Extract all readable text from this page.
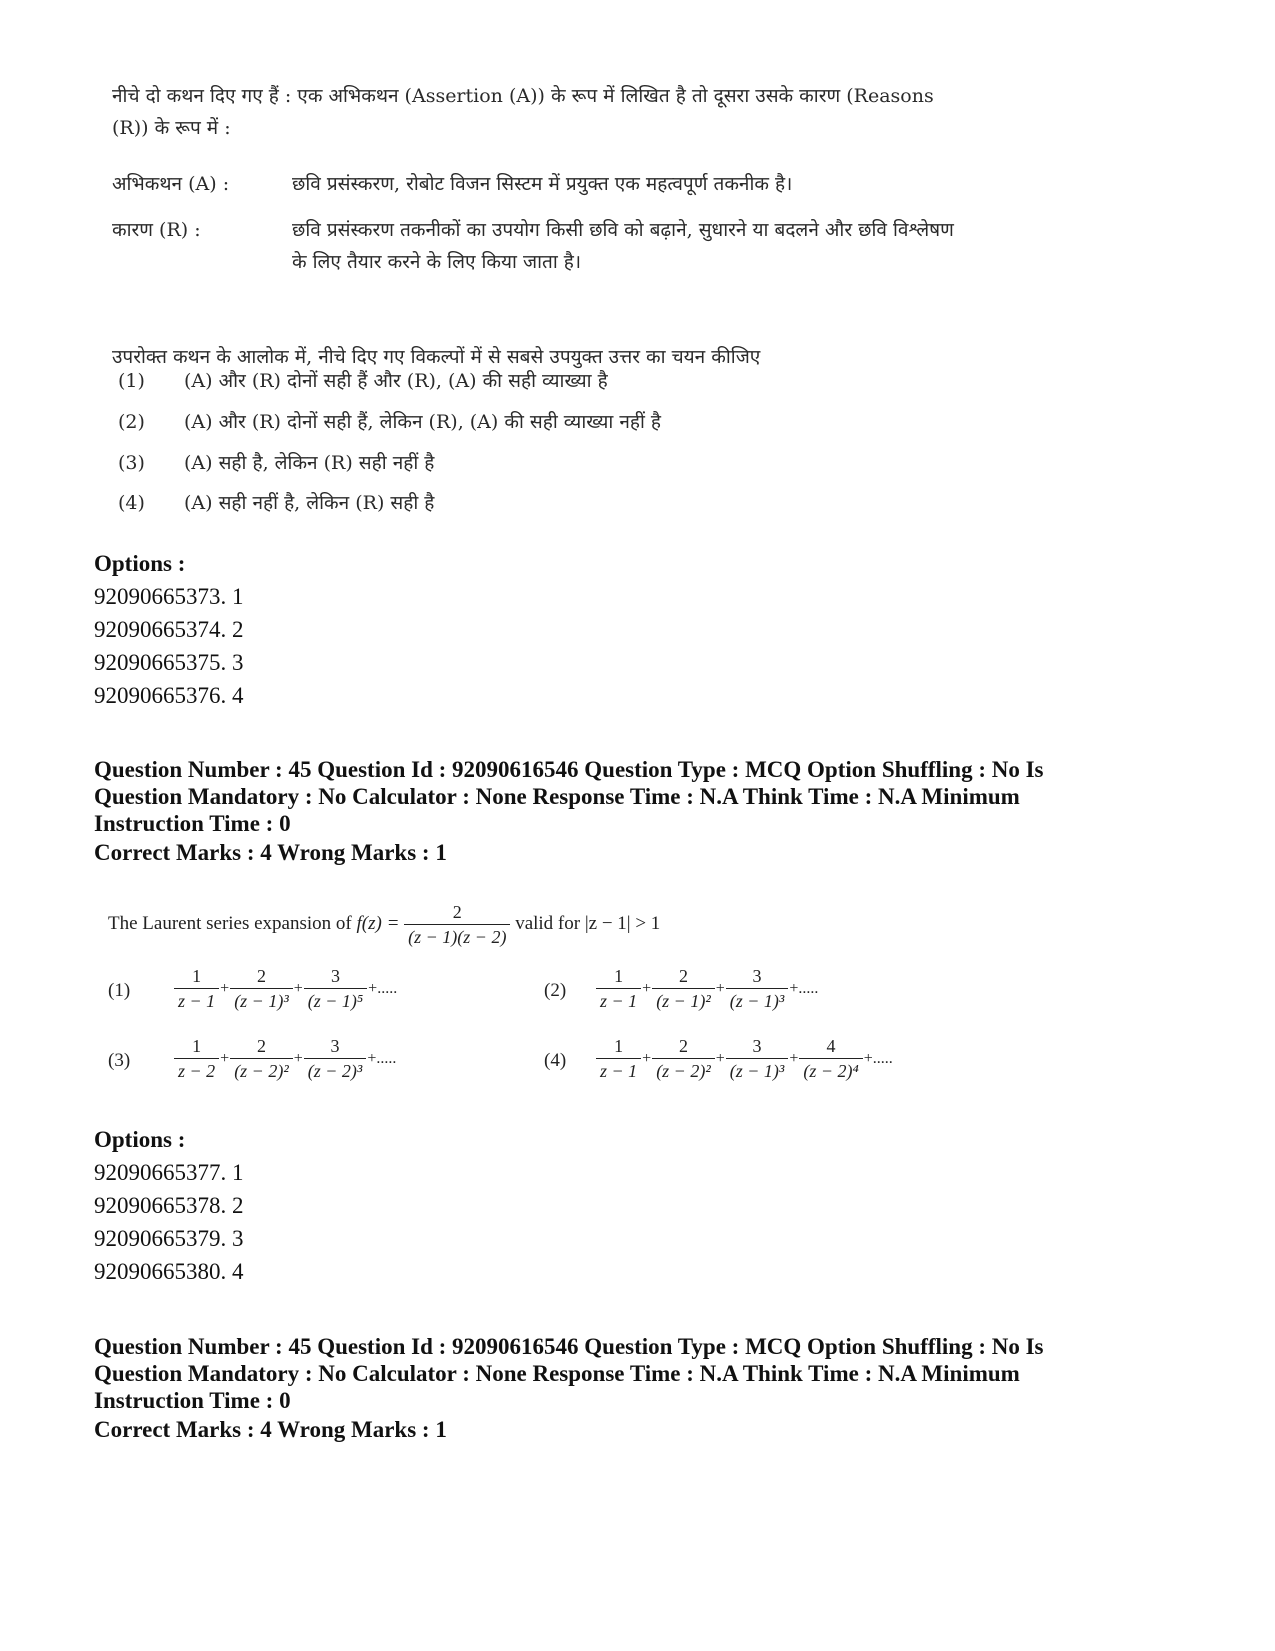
नीचे दो कथन दिए गए हैं : एक अभिकथन (Assertion (A)) के रूप में लिखित है तो दूसरा उसके कारण (Reasons

(R)) के रूप में :

अभिकथन (A) :	छवि प्रसंस्करण, रोबोट विजन सिस्टम में प्रयुक्त एक महत्वपूर्ण तकनीक है।
कारण (R) :	छवि प्रसंस्करण तकनीकों का उपयोग किसी छवि को बढ़ाने, सुधारने या बदलने और छवि विश्लेषण
के लिए तैयार करने के लिए किया जाता है।

उपरोक्त कथन के आलोक में, नीचे दिए गए विकल्पों में से सबसे उपयुक्त उत्तर का चयन कीजिए

(1)	(A) और (R) दोनों सही हैं और (R), (A) की सही व्याख्या है
(2)	(A) और (R) दोनों सही हैं, लेकिन (R), (A) की सही व्याख्या नहीं है
(3)	(A) सही है, लेकिन (R) सही नहीं है
(4)	(A) सही नहीं है, लेकिन (R) सही है
Options :
92090665373. 1
92090665374. 2
92090665375. 3
92090665376. 4

Question Number : 45 Question Id : 92090616546 Question Type : MCQ Option Shuffling : No Is

Question Mandatory : No Calculator : None Response Time : N.A Think Time : N.A Minimum

Instruction Time : 0

Correct Marks : 4 Wrong Marks : 1
The Laurent series expansion of $f(z) = \frac{2}{(z - 1)(z - 2)}$ valid for |z − 1| > 1
$(1) \frac{1}{z - 1} + \frac{2}{\text{(z − 1)³}} + \frac{3}{\text{(z − 1)⁵}}$ +.....	$(2) \frac{1}{z - 1} + \frac{2}{\text{(z − 1)²}} + \frac{3}{\text{(z − 1)³}}$ +.....
$(3) \frac{1}{z - 2} + \frac{2}{\text{(z − 2)²}} + \frac{3}{\text{(z − 2)³}}$ +.....	$(4) \frac{1}{z - 1} + \frac{2}{\text{(z − 2)²}} + \frac{3}{\text{(z − 1)³}} + \frac{4}{\text{(z − 2)⁴}}$ +.....
Options :
92090665377. 1
92090665378. 2
92090665379. 3
92090665380. 4

Question Number : 45 Question Id : 92090616546 Question Type : MCQ Option Shuffling : No Is

Question Mandatory : No Calculator : None Response Time : N.A Think Time : N.A Minimum

Instruction Time : 0

Correct Marks : 4 Wrong Marks : 1
